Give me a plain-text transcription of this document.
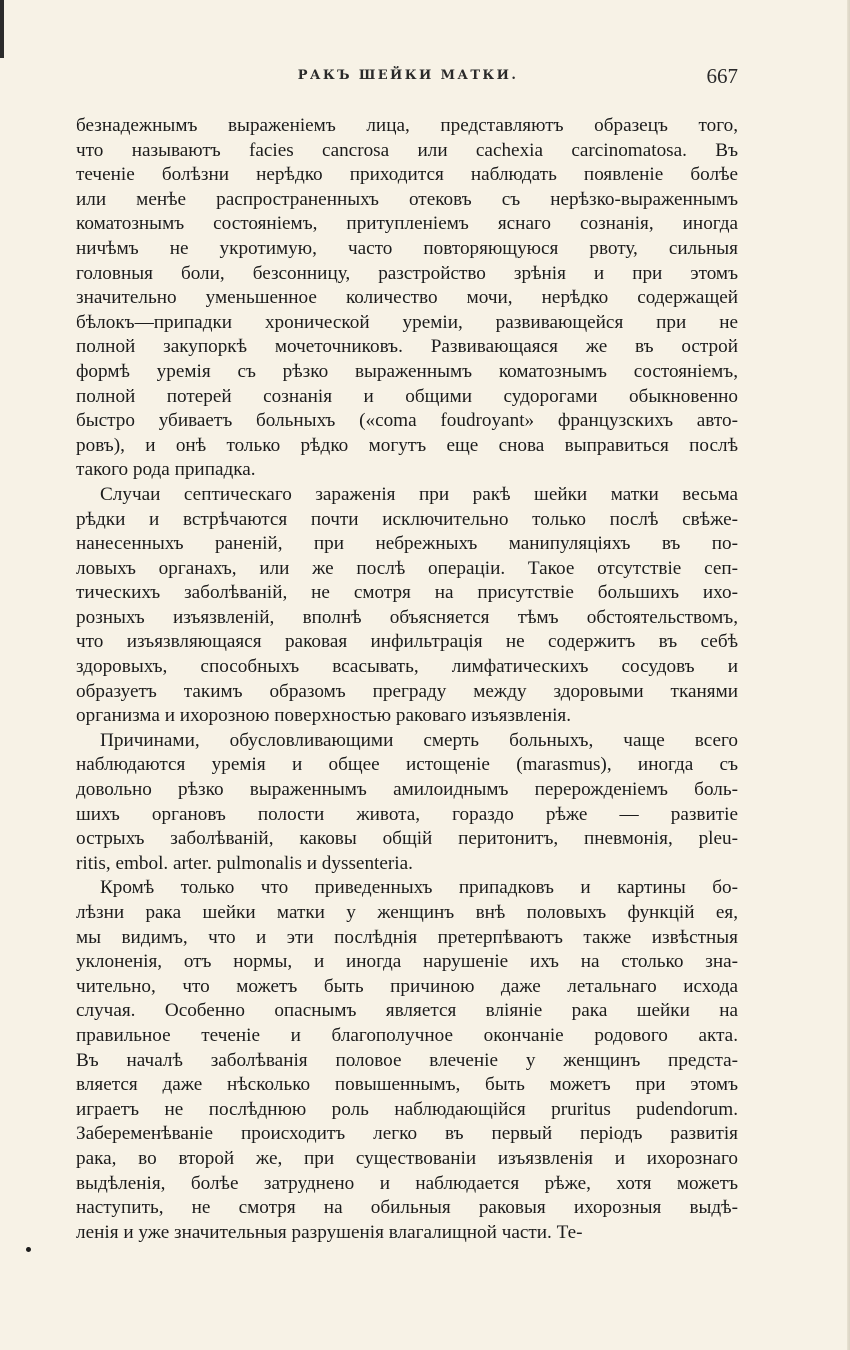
РАКЪ ШЕЙКИ МАТКИ.	667
безнадежнымъ выраженіемъ лица, представляютъ образецъ того,
что называютъ facies cancrosa или cachexia carcinomatosa. Въ
теченіе болѣзни нерѣдко приходится наблюдать появленіе болѣе
или менѣе распространенныхъ отековъ съ нерѣзко-выраженнымъ
коматознымъ состояніемъ, притупленіемъ яснаго сознанія, иногда
ничѣмъ не укротимую, часто повторяющуюся рвоту, сильныя
головныя боли, безсонницу, разстройство зрѣнія и при этомъ
значительно уменьшенное количество мочи, нерѣдко содержащей
бѣлокъ—припадки хронической уреміи, развивающейся при не
полной закупоркѣ мочеточниковъ. Развивающаяся же въ острой
формѣ уремія съ рѣзко выраженнымъ коматознымъ состояніемъ,
полной потерей сознанія и общими судорогами обыкновенно
быстро убиваетъ больныхъ («coma foudroyant» французскихъ авто-
ровъ), и онѣ только рѣдко могутъ еще снова выправиться послѣ
такого рода припадка.
Случаи септическаго зараженія при ракѣ шейки матки весьма
рѣдки и встрѣчаются почти исключительно только послѣ свѣже-
нанесенныхъ раненій, при небрежныхъ манипуляціяхъ въ по-
ловыхъ органахъ, или же послѣ операціи. Такое отсутствіе сеп-
тическихъ заболѣваній, не смотря на присутствіе большихъ ихо-
розныхъ изъязвленій, вполнѣ объясняется тѣмъ обстоятельствомъ,
что изъязвляющаяся раковая инфильтрація не содержитъ въ себѣ
здоровыхъ, способныхъ всасывать, лимфатическихъ сосудовъ и
образуетъ такимъ образомъ преграду между здоровыми тканями
организма и ихорозною поверхностью раковаго изъязвленія.
Причинами, обусловливающими смерть больныхъ, чаще всего
наблюдаются уремія и общее истощеніе (marasmus), иногда съ
довольно рѣзко выраженнымъ амилоиднымъ перерожденіемъ боль-
шихъ органовъ полости живота, гораздо рѣже — развитіе
острыхъ заболѣваній, каковы общій перитонитъ, пневмонія, pleu-
ritis, embol. arter. pulmonalis и dyssenteria.
Кромѣ только что приведенныхъ припадковъ и картины бо-
лѣзни рака шейки матки у женщинъ внѣ половыхъ функцій ея,
мы видимъ, что и эти послѣднія претерпѣваютъ также извѣстныя
уклоненія, отъ нормы, и иногда нарушеніе ихъ на столько зна-
чительно, что можетъ быть причиною даже летальнаго исхода
случая. Особенно опаснымъ является вліяніе рака шейки на
правильное теченіе и благополучное окончаніе родового акта.
Въ началѣ заболѣванія половое влеченіе у женщинъ предста-
вляется даже нѣсколько повышеннымъ, быть можетъ при этомъ
играетъ не послѣднюю роль наблюдающійся pruritus pudendorum.
Забеременѣваніе происходитъ легко въ первый періодъ развитія
рака, во второй же, при существованіи изъязвленія и ихорознаго
выдѣленія, болѣе затруднено и наблюдается рѣже, хотя можетъ
наступить, не смотря на обильныя раковыя ихорозныя выдѣ-
ленія и уже значительныя разрушенія влагалищной части. Те-
